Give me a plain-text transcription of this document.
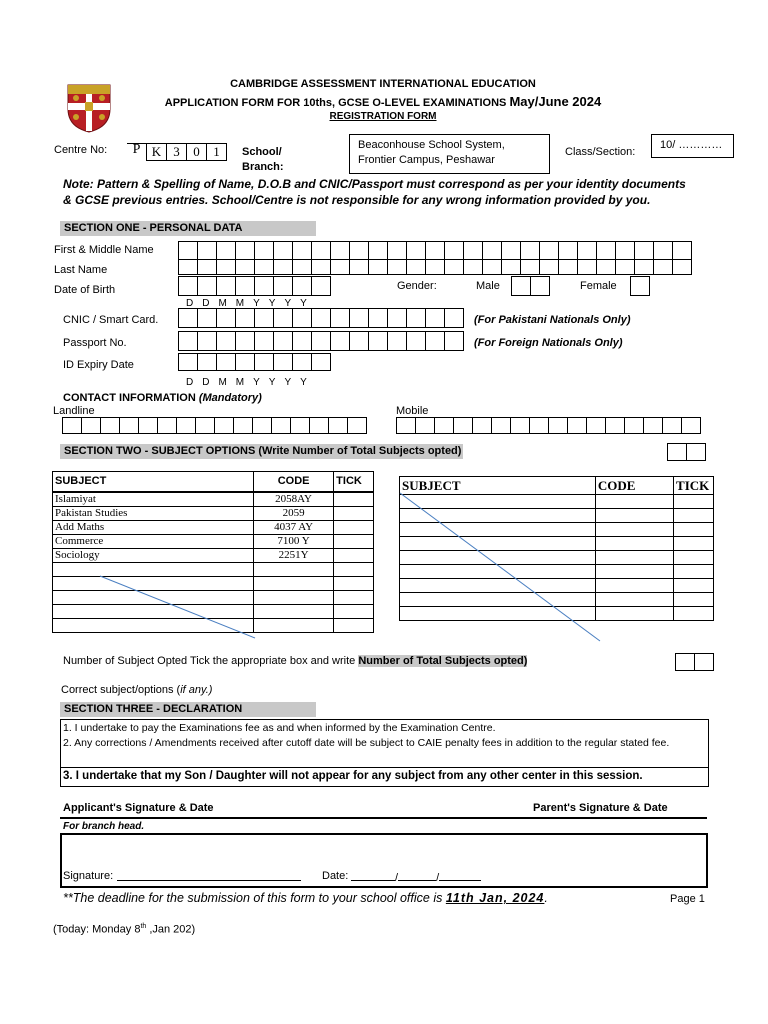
CAMBRIDGE ASSESSMENT INTERNATIONAL EDUCATION
APPLICATION FORM FOR 10ths, GCSE O-LEVEL EXAMINATIONS May/June 2024
REGISTRATION FORM
Centre No:	P K 3	0	1	School/
Branch:
Beaconhouse School System,
Frontier Campus, Peshawar
Class/Section:
10/ …………
Note: Pattern & Spelling of Name, D.O.B and CNIC/Passport must correspond as per your identity documents
& GCSE previous entries. School/Centre is not responsible for any wrong information provided by you.
SECTION ONE - PERSONAL DATA
First & Middle Name
Last Name
Date of Birth
DDMMYYYY
Gender:	Male	Female
CNIC / Smart Card.	(For Pakistani Nationals Only)
Passport No.	(For Foreign Nationals Only)
ID Expiry Date
DDMMYYYY
CONTACT INFORMATION (Mandatory)
Landline	Mobile
SECTION TWO - SUBJECT OPTIONS (Write Number of Total Subjects opted)
SUBJECT	CODE	TICK
Islamiyat	2058AY	
Pakistan Studies	2059	
Add Maths	4037 AY	
Commerce	7100 Y	
Sociology	2251Y	

SUBJECT	CODE	TICK

Number of Subject Opted Tick the appropriate box and write Number of Total Subjects opted)
Correct subject/options (if any.)
SECTION THREE - DECLARATION
1. I undertake to pay the Examinations fee as and when informed by the Examination Centre.
2. Any corrections / Amendments received after cutoff date will be subject to CAIE penalty fees in addition to the regular stated fee.
3. I undertake that my Son / Daughter will not appear for any subject from any other center in this session.
Applicant's Signature & Date	Parent's Signature & Date
For branch head.
Signature:	Date:	/	/
**The deadline for the submission of this form to your school office is 11th Jan, 2024.	Page 1
(Today: Monday 8th ,Jan 202)
